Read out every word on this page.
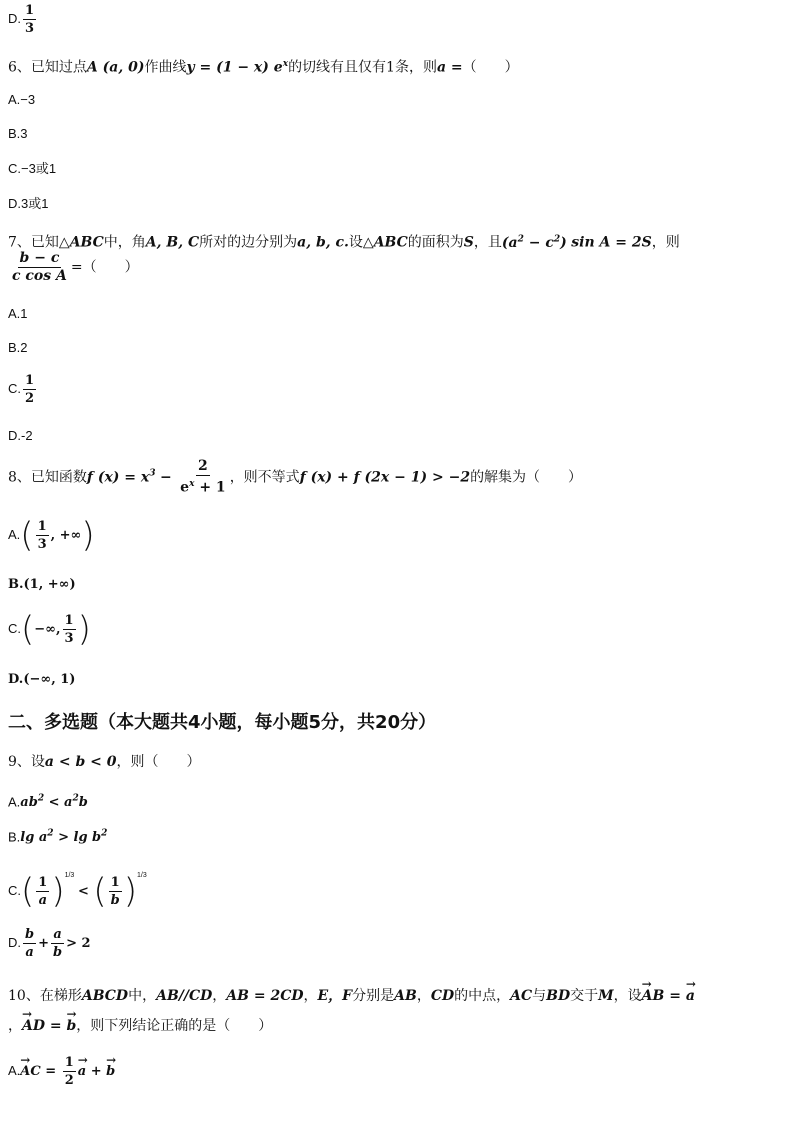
D. $\frac{1}{3}$
6、已知过点A (a, 0)作曲线y = (1 − x) $e^x$的切线有且仅有1条，则a =（　　）
A.−3
B.3
C.−3或1
D.3或1
7、已知△ABC中，角A, B, C所对的边分别为a, b, c.设△ABC的面积为S，且$(a^2 - c^2)$ sin A = 2S，则
$\frac{b - c}{\text{c cos A}}$ =（　　）
A.1
B.2
C. $\frac{1}{2}$
D.-2
8、已知函数f $(x) = x^3 - \frac{2}{e^x + 1}$ ，则不等式f (x) + f (2x − 1) > −2的解集为（　　）
$A.( \frac{1}{3}$ , +∞)
B.(1, +∞)
C.(−∞, $\frac{1}{3}$ )
D.(−∞, 1)
二、多选题（本大题共4小题，每小题5分，共20分）
9、设a < b < 0，则（　　）
$A.ab^2 < a^2b$
B.lg $a^2 > \lg b^2$
$C.( \frac{1}{a} )^{1/3}$ < ( $\frac{1}{b} )^{1/3}$
D. $\frac{b}{a} + \frac{a}{b} > 2$
10、在梯形ABCD中，AB//CD，AB = 2CD，E，F分别是AB，CD的中点，AC与BD交于M，设→ AB = → a
，→ AD = → b，则下列结论正确的是（　　）
A.→ AC = $\frac{1}{2}$
→ a + → b
